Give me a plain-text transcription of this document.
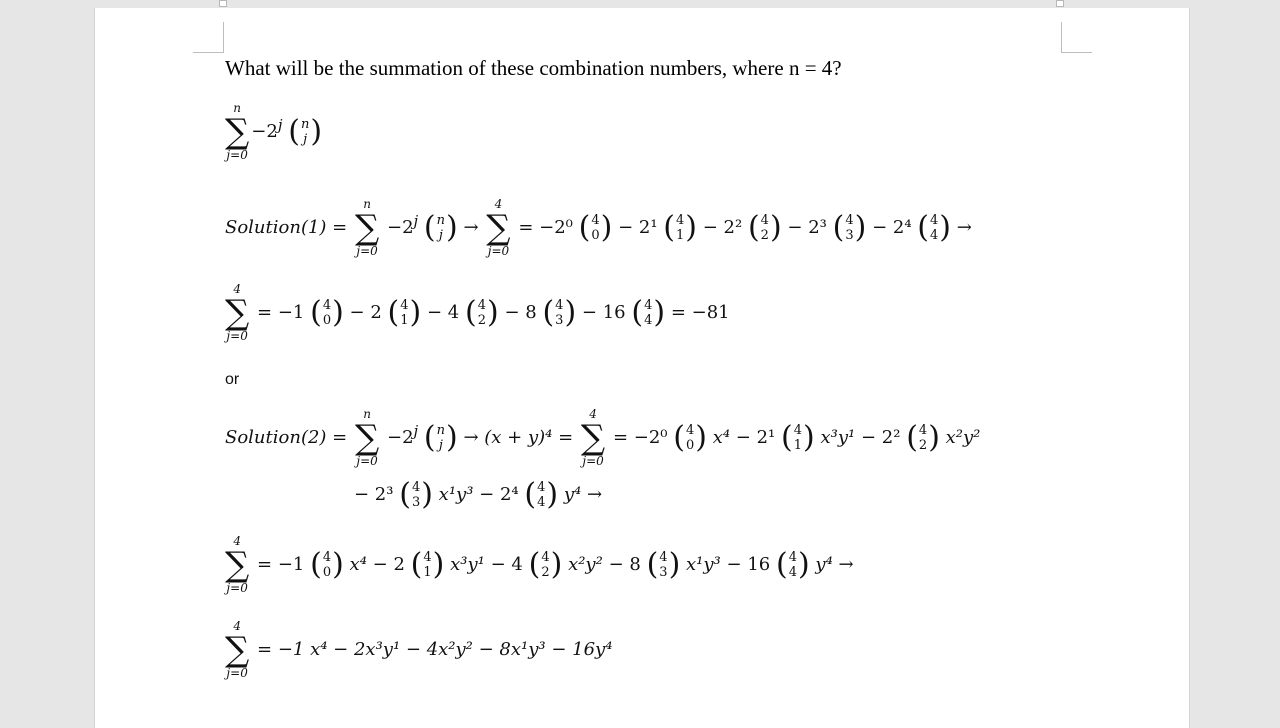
What will be the summation of these combination numbers, where n = 4?
n
∑
j=0
$-2^j$ ( n
j )
Solution(1) =
n
∑
j=0
$-2^j$ ( n
j ) →
4
∑
j=0
= −2⁰ ( 4
0 ) − 2¹ ( 4
1 ) − 2² ( 4
2 ) − 2³ ( 4
3 ) − 2⁴ ( 4
4 ) →
4
∑
j=0
= −1 ( 4
0 ) − 2 ( 4
1 ) − 4 ( 4
2 ) − 8 ( 4
3 ) − 16 ( 4
4 ) = −81
or
Solution(2) =
n
∑
j=0
$-2^j$ ( n
j ) → (x + y)⁴ =
4
∑
j=0
= −2⁰ ( 4
0 ) x⁴ − 2¹ ( 4
1 ) x³y¹ − 2² ( 4
2 ) x²y²
− 2³ ( 4
3 ) x¹y³ − 2⁴ ( 4
4 ) y⁴ →
4
∑
j=0
= −1 ( 4
0 ) x⁴ − 2 ( 4
1 ) x³y¹ − 4 ( 4
2 ) x²y² − 8 ( 4
3 ) x¹y³ − 16 ( 4
4 ) y⁴ →
4
∑
j=0
= −1 x⁴ − 2x³y¹ − 4x²y² − 8x¹y³ − 16y⁴
